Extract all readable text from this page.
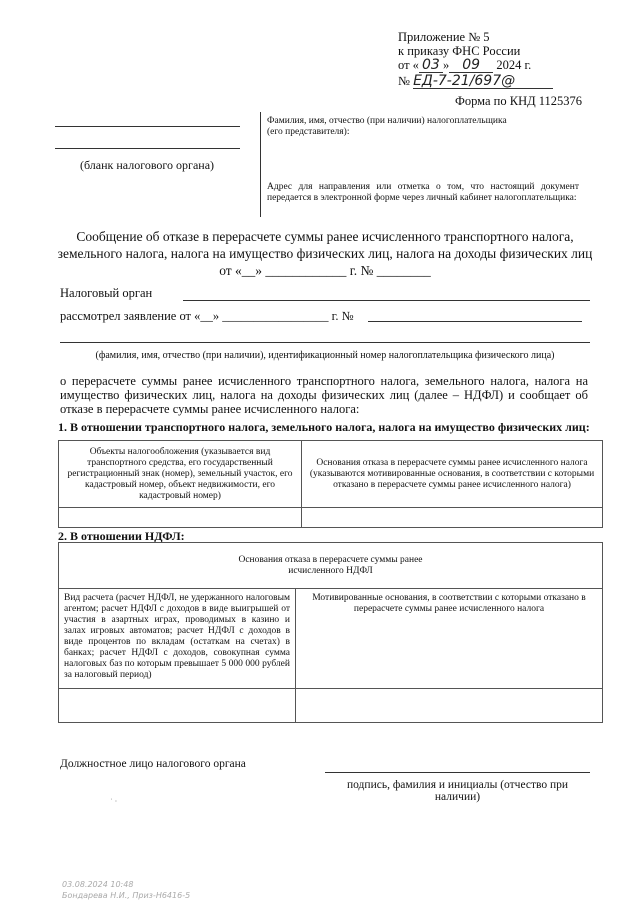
Приложение № 5
к приказу ФНС России
от « 03 » 09 2024 г.
№ ЕД-7-21/697@
Форма по КНД 1125376
(бланк налогового органа)
Фамилия, имя, отчество (при наличии) налогоплательщика (его представителя):
Адрес для направления или отметка о том, что настоящий документ передается в электронной форме через личный кабинет налогоплательщика:
Сообщение об отказе в перерасчете суммы ранее исчисленного транспортного налога,
земельного налога, налога на имущество физических лиц, налога на доходы физических лиц
от «__» ____________ г. № ________
Налоговый орган
рассмотрел заявление от «__» _________________ г. №
(фамилия, имя, отчество (при наличии), идентификационный номер налогоплательщика физического лица)
о перерасчете суммы ранее исчисленного транспортного налога, земельного налога, налога на имущество физических лиц, налога на доходы физических лиц (далее – НДФЛ) и сообщает об отказе в перерасчете суммы ранее исчисленного налога:
1. В отношении транспортного налога, земельного налога, налога на имущество физических лиц:
Объекты налогообложения (указывается вид транспортного средства, его государственный регистрационный знак (номер), земельный участок, его кадастровый номер, объект недвижимости, его кадастровый номер)	Основания отказа в перерасчете суммы ранее исчисленного налога (указываются мотивированные основания, в соответствии с которыми отказано в перерасчете суммы ранее исчисленного налога)

2. В отношении НДФЛ:
Основания отказа в перерасчете суммы ранее
исчисленного НДФЛ	

Вид расчета (расчет НДФЛ, не удержанного налоговым агентом; расчет НДФЛ с доходов в виде выигрышей от участия в азартных играх, проводимых в казино и залах игровых автоматов; расчет НДФЛ с доходов в виде процентов по вкладам (остаткам на счетах) в банках; расчет НДФЛ с доходов, совокупная сумма налоговых баз по которым превышает 5 000 000 рублей за налоговый период)	Мотивированные основания, в соответствии с которыми отказано в перерасчете суммы ранее исчисленного налога

Должностное лицо налогового органа
подпись, фамилия и инициалы (отчество при наличии)
˙ ·
03.08.2024 10:48
Бондарева Н.И., Приз-Н6416-5
